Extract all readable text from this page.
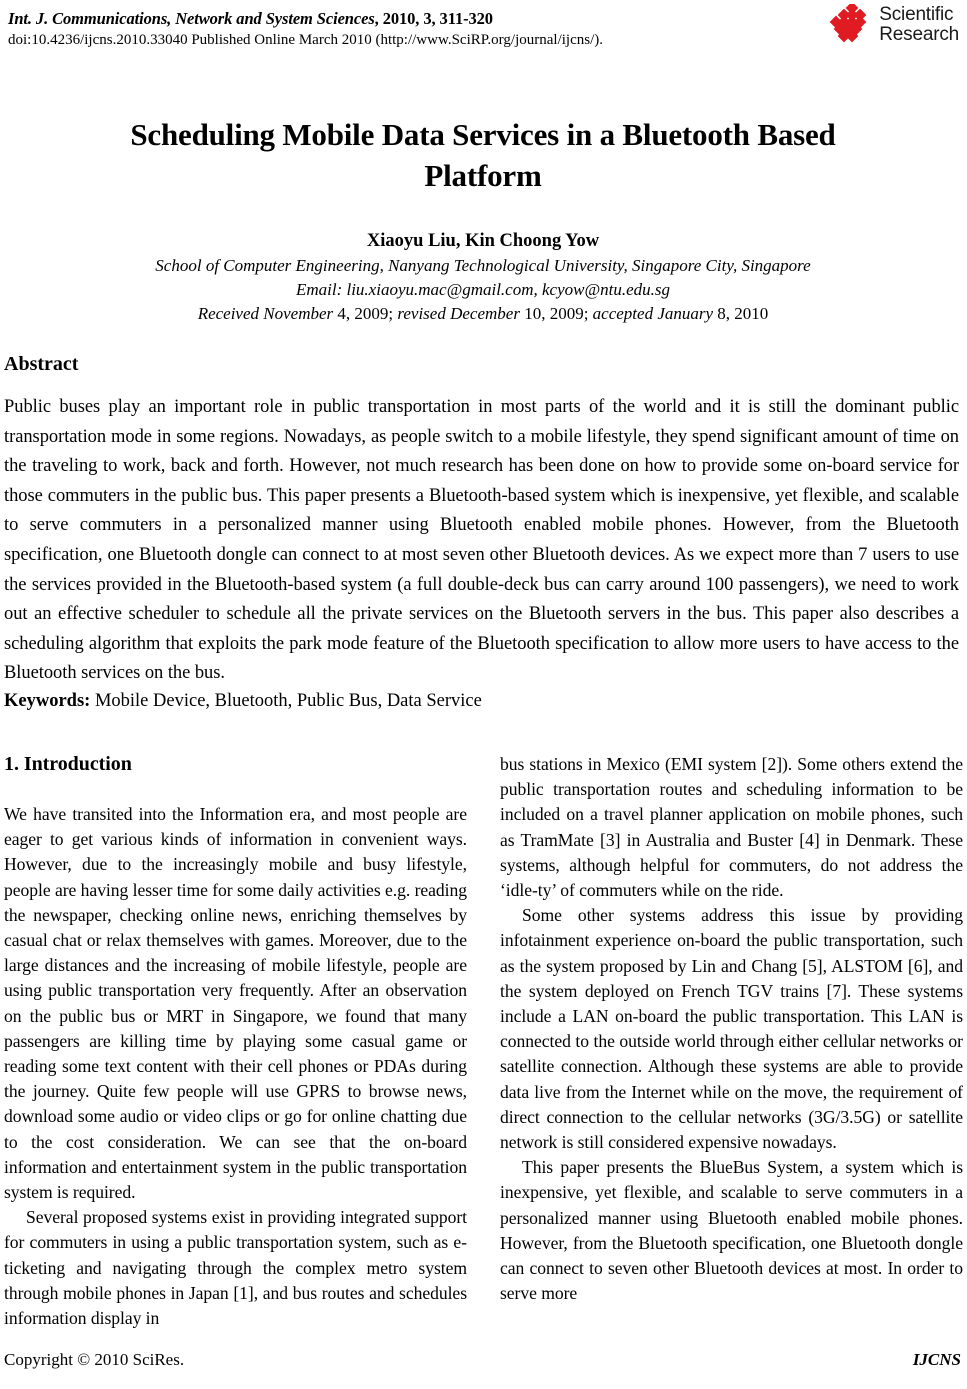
Int. J. Communications, Network and System Sciences, 2010, 3, 311-320
doi:10.4236/ijcns.2010.33040 Published Online March 2010 (http://www.SciRP.org/journal/ijcns/).
Scientific
Research
Scheduling Mobile Data Services in a Bluetooth Based Platform
Xiaoyu Liu, Kin Choong Yow
School of Computer Engineering, Nanyang Technological University, Singapore City, Singapore
Email: liu.xiaoyu.mac@gmail.com, kcyow@ntu.edu.sg
Received November 4, 2009; revised December 10, 2009; accepted January 8, 2010
Abstract
Public buses play an important role in public transportation in most parts of the world and it is still the dominant public transportation mode in some regions. Nowadays, as people switch to a mobile lifestyle, they spend significant amount of time on the traveling to work, back and forth. However, not much research has been done on how to provide some on-board service for those commuters in the public bus. This paper presents a Bluetooth-based system which is inexpensive, yet flexible, and scalable to serve commuters in a personalized manner using Bluetooth enabled mobile phones. However, from the Bluetooth specification, one Bluetooth dongle can connect to at most seven other Bluetooth devices. As we expect more than 7 users to use the services provided in the Bluetooth-based system (a full double-deck bus can carry around 100 passengers), we need to work out an effective scheduler to schedule all the private services on the Bluetooth servers in the bus. This paper also describes a scheduling algorithm that exploits the park mode feature of the Bluetooth specification to allow more users to have access to the Bluetooth services on the bus.
Keywords: Mobile Device, Bluetooth, Public Bus, Data Service
1. Introduction

We have transited into the Information era, and most people are eager to get various kinds of information in convenient ways. However, due to the increasingly mobile and busy lifestyle, people are having lesser time for some daily activities e.g. reading the newspaper, checking online news, enriching themselves by casual chat or relax themselves with games. Moreover, due to the large distances and the increasing of mobile lifestyle, people are using public transportation very frequently. After an observation on the public bus or MRT in Singapore, we found that many passengers are killing time by playing some casual game or reading some text content with their cell phones or PDAs during the journey. Quite few people will use GPRS to browse news, download some audio or video clips or go for online chatting due to the cost consideration. We can see that the on-board information and entertainment system in the public transportation system is required.

Several proposed systems exist in providing integrated support for commuters in using a public transportation system, such as e-ticketing and navigating through the complex metro system through mobile phones in Japan [1], and bus routes and schedules information display in

bus stations in Mexico (EMI system [2]). Some others extend the public transportation routes and scheduling information to be included on a travel planner application on mobile phones, such as TramMate [3] in Australia and Buster [4] in Denmark. These systems, although helpful for commuters, do not address the ‘idle-ty’ of commuters while on the ride.

Some other systems address this issue by providing infotainment experience on-board the public transportation, such as the system proposed by Lin and Chang [5], ALSTOM [6], and the system deployed on French TGV trains [7]. These systems include a LAN on-board the public transportation. This LAN is connected to the outside world through either cellular networks or satellite connection. Although these systems are able to provide data live from the Internet while on the move, the requirement of direct connection to the cellular networks (3G/3.5G) or satellite network is still considered expensive nowadays.

This paper presents the BlueBus System, a system which is inexpensive, yet flexible, and scalable to serve commuters in a personalized manner using Bluetooth enabled mobile phones. However, from the Bluetooth specification, one Bluetooth dongle can connect to seven other Bluetooth devices at most. In order to serve more

Copyright © 2010 SciRes.	IJCNS
